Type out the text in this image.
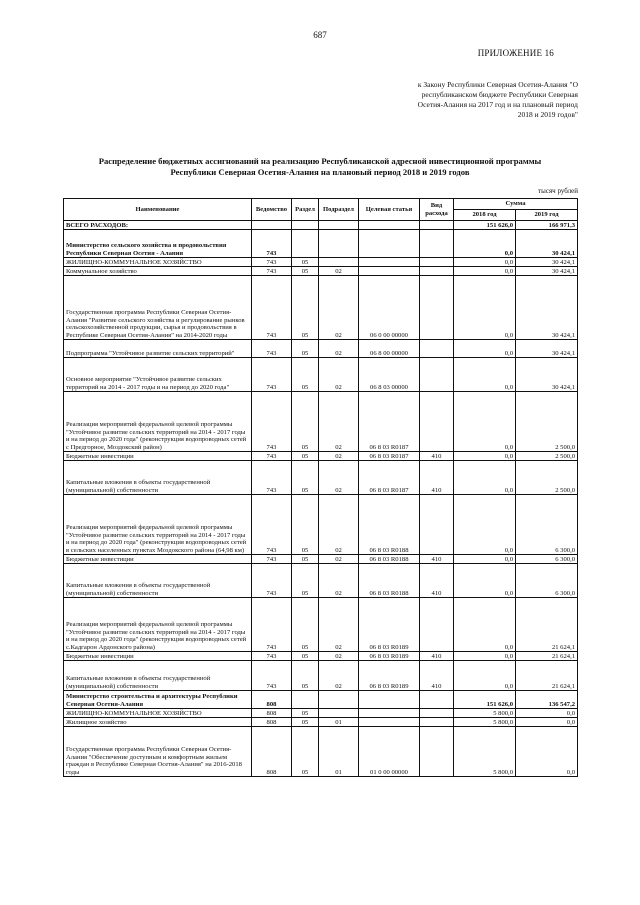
687
ПРИЛОЖЕНИЕ 16
к Закону Республики Северная Осетия-Алания "О республиканском бюджете Республики Северная Осетия-Алания на 2017 год и на плановый период 2018 и 2019 годов"
Распределение бюджетных ассигнований на реализацию Республиканской адресной инвестиционной программы
Республики Северная Осетия-Алания на плановый период 2018 и 2019 годов
тысяч рублей
Наименование	Ведомство	Раздел	Подраздел	Целевая статья	Вид расхода	Сумма	
						2018 год	2019 год
ВСЕГО РАСХОДОВ:						151 626,0	166 971,3
Министерство сельского хозяйства и продовольствия Республики Северная Осетия - Алания	743					0,0	30 424,1
ЖИЛИЩНО-КОММУНАЛЬНОЕ ХОЗЯЙСТВО	743	05				0,0	30 424,1
Коммунальное хозяйство	743	05	02			0,0	30 424,1
Государственная программа Республики Северная Осетия-Алания "Развитие сельского хозяйства и регулирование рынков сельскохозяйственной продукции, сырья и продовольствия в Республике Северная Осетия-Алания" на 2014-2020 годы	743	05	02	06 0 00 00000		0,0	30 424,1
Подпрограмма "Устойчивое развитие сельских территорий"	743	05	02	06 8 00 00000		0,0	30 424,1
Основное мероприятие "Устойчивое развитие сельских территорий на 2014 - 2017 годы и на период до 2020 года"	743	05	02	06 8 03 00000		0,0	30 424,1
Реализация мероприятий федеральной целевой программы "Устойчивое развитие сельских территорий на 2014 - 2017 годы и на период до 2020 года" (реконструкция водопроводных сетей с Предгорное, Моздокский район)	743	05	02	06 8 03 R0187		0,0	2 500,0
Бюджетные инвестиции	743	05	02	06 8 03 R0187	410	0,0	2 500,0
Капитальные вложения в объекты государственной (муниципальной) собственности	743	05	02	06 8 03 R0187	410	0,0	2 500,0
Реализация мероприятий федеральной целевой программы "Устойчивое развитие сельских территорий на 2014 - 2017 годы и на период до 2020 года" (реконструкция водопроводных сетей в сельских населенных пунктах Моздокского района (64,98 км)	743	05	02	06 8 03 R0188		0,0	6 300,0
Бюджетные инвестиции	743	05	02	06 8 03 R0188	410	0,0	6 300,0
Капитальные вложения в объекты государственной (муниципальной) собственности	743	05	02	06 8 03 R0188	410	0,0	6 300,0
Реализация мероприятий федеральной целевой программы "Устойчивое развитие сельских территорий на 2014 - 2017 годы и на период до 2020 года" (реконструкция водопроводных сетей с.Кадгарон Ардонского района)	743	05	02	06 8 03 R0189		0,0	21 624,1
Бюджетные инвестиции	743	05	02	06 8 03 R0189	410	0,0	21 624,1
Капитальные вложения в объекты государственной (муниципальной) собственности	743	05	02	06 8 03 R0189	410	0,0	21 624,1
Министерство строительства и архитектуры Республики Северная Осетия-Алания	808					151 626,0	136 547,2
ЖИЛИЩНО-КОММУНАЛЬНОЕ ХОЗЯЙСТВО	808	05				5 800,0	0,0
Жилищное хозяйство	808	05	01			5 800,0	0,0
Государственная программа Республики Северная Осетия-Алания "Обеспечение доступным и комфортным жильем граждан в Республике Северная Осетия-Алания" на 2016-2018 годы	808	05	01	01 0 00 00000		5 800,0	0,0
